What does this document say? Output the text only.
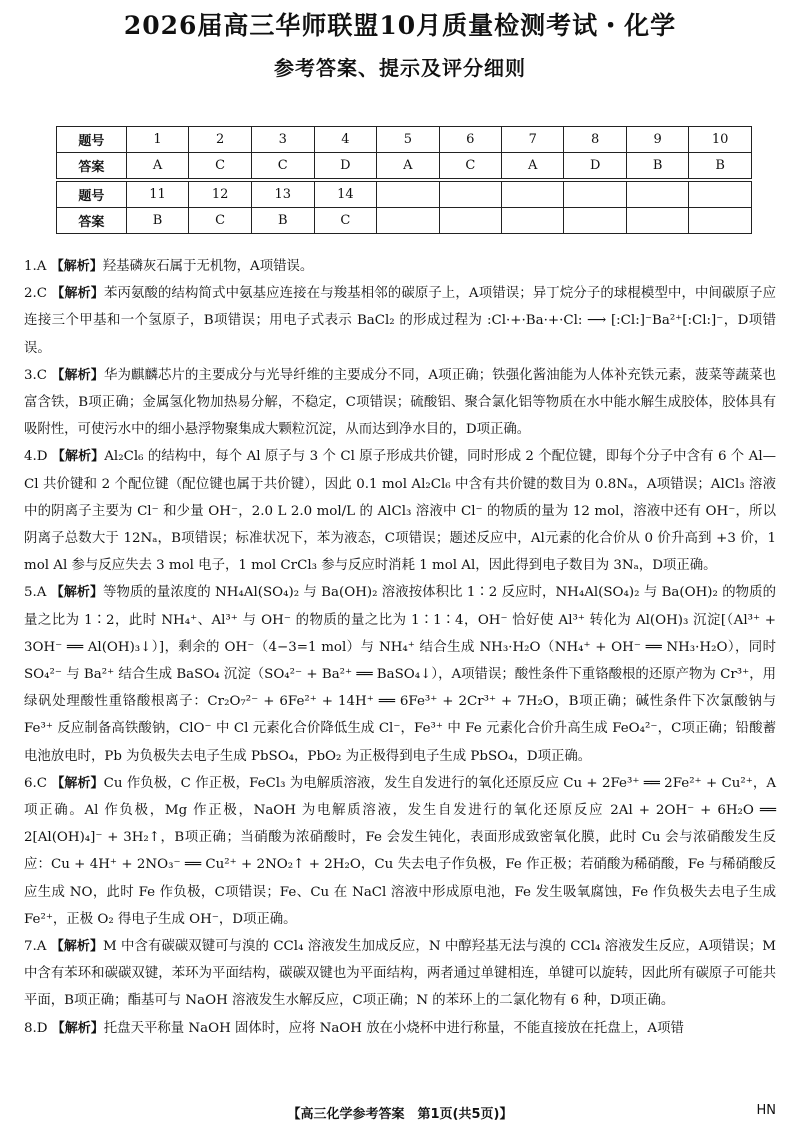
2026届高三华师联盟10月质量检测考试・化学
参考答案、提示及评分细则
题号	1	2	3	4	5	6	7	8	9	10
答案	A	C	C	D	A	C	A	D	B	B

题号	11	12	13	14						
答案	B	C	B	C						

1.A 【解析】羟基磷灰石属于无机物，A项错误。

2.C 【解析】苯丙氨酸的结构简式中氨基应连接在与羧基相邻的碳原子上，A项错误；异丁烷分子的球棍模型中，中间碳原子应连接三个甲基和一个氢原子，B项错误；用电子式表示 BaCl₂ 的形成过程为 :Cl·+·Ba·+·Cl: ⟶ [:Cl:]⁻Ba²⁺[:Cl:]⁻，D项错误。

3.C 【解析】华为麒麟芯片的主要成分与光导纤维的主要成分不同，A项正确；铁强化酱油能为人体补充铁元素，菠菜等蔬菜也富含铁，B项正确；金属氢化物加热易分解，不稳定，C项错误；硫酸铝、聚合氯化铝等物质在水中能水解生成胶体，胶体具有吸附性，可使污水中的细小悬浮物聚集成大颗粒沉淀，从而达到净水目的，D项正确。

4.D 【解析】Al₂Cl₆ 的结构中，每个 Al 原子与 3 个 Cl 原子形成共价键，同时形成 2 个配位键，即每个分子中含有 6 个 Al—Cl 共价键和 2 个配位键（配位键也属于共价键），因此 0.1 mol Al₂Cl₆ 中含有共价键的数目为 0.8Nₐ，A项错误；AlCl₃ 溶液中的阴离子主要为 Cl⁻ 和少量 OH⁻，2.0 L 2.0 mol/L 的 AlCl₃ 溶液中 Cl⁻ 的物质的量为 12 mol，溶液中还有 OH⁻，所以阴离子总数大于 12Nₐ，B项错误；标准状况下，苯为液态，C项错误；题述反应中，Al元素的化合价从 0 价升高到 +3 价，1 mol Al 参与反应失去 3 mol 电子，1 mol CrCl₃ 参与反应时消耗 1 mol Al，因此得到电子数目为 3Nₐ，D项正确。

5.A 【解析】等物质的量浓度的 NH₄Al(SO₄)₂ 与 Ba(OH)₂ 溶液按体积比 1∶2 反应时，NH₄Al(SO₄)₂ 与 Ba(OH)₂ 的物质的量之比为 1∶2，此时 NH₄⁺、Al³⁺ 与 OH⁻ 的物质的量之比为 1∶1∶4，OH⁻ 恰好使 Al³⁺ 转化为 Al(OH)₃ 沉淀[（Al³⁺ + 3OH⁻ ══ Al(OH)₃↓）]，剩余的 OH⁻（4−3=1 mol）与 NH₄⁺ 结合生成 NH₃·H₂O（NH₄⁺ + OH⁻ ══ NH₃·H₂O），同时 SO₄²⁻ 与 Ba²⁺ 结合生成 BaSO₄ 沉淀（SO₄²⁻ + Ba²⁺ ══ BaSO₄↓），A项错误；酸性条件下重铬酸根的还原产物为 Cr³⁺，用绿矾处理酸性重铬酸根离子：Cr₂O₇²⁻ + 6Fe²⁺ + 14H⁺ ══ 6Fe³⁺ + 2Cr³⁺ + 7H₂O，B项正确；碱性条件下次氯酸钠与 Fe³⁺ 反应制备高铁酸钠，ClO⁻ 中 Cl 元素化合价降低生成 Cl⁻，Fe³⁺ 中 Fe 元素化合价升高生成 FeO₄²⁻，C项正确；铅酸蓄电池放电时，Pb 为负极失去电子生成 PbSO₄，PbO₂ 为正极得到电子生成 PbSO₄，D项正确。

6.C 【解析】Cu 作负极，C 作正极，FeCl₃ 为电解质溶液，发生自发进行的氧化还原反应 Cu + 2Fe³⁺ ══ 2Fe²⁺ + Cu²⁺，A项正确。Al 作负极，Mg 作正极，NaOH 为电解质溶液，发生自发进行的氧化还原反应 2Al + 2OH⁻ + 6H₂O ══ 2[Al(OH)₄]⁻ + 3H₂↑，B项正确；当硝酸为浓硝酸时，Fe 会发生钝化，表面形成致密氧化膜，此时 Cu 会与浓硝酸发生反应：Cu + 4H⁺ + 2NO₃⁻ ══ Cu²⁺ + 2NO₂↑ + 2H₂O，Cu 失去电子作负极，Fe 作正极；若硝酸为稀硝酸，Fe 与稀硝酸反应生成 NO，此时 Fe 作负极，C项错误；Fe、Cu 在 NaCl 溶液中形成原电池，Fe 发生吸氧腐蚀，Fe 作负极失去电子生成 Fe²⁺，正极 O₂ 得电子生成 OH⁻，D项正确。

7.A 【解析】M 中含有碳碳双键可与溴的 CCl₄ 溶液发生加成反应，N 中醇羟基无法与溴的 CCl₄ 溶液发生反应，A项错误；M 中含有苯环和碳碳双键，苯环为平面结构，碳碳双键也为平面结构，两者通过单键相连，单键可以旋转，因此所有碳原子可能共平面，B项正确；酯基可与 NaOH 溶液发生水解反应，C项正确；N 的苯环上的二氯化物有 6 种，D项正确。

8.D 【解析】托盘天平称量 NaOH 固体时，应将 NaOH 放在小烧杯中进行称量，不能直接放在托盘上，A项错

【高三化学参考答案　第1页(共5页)】	HN
